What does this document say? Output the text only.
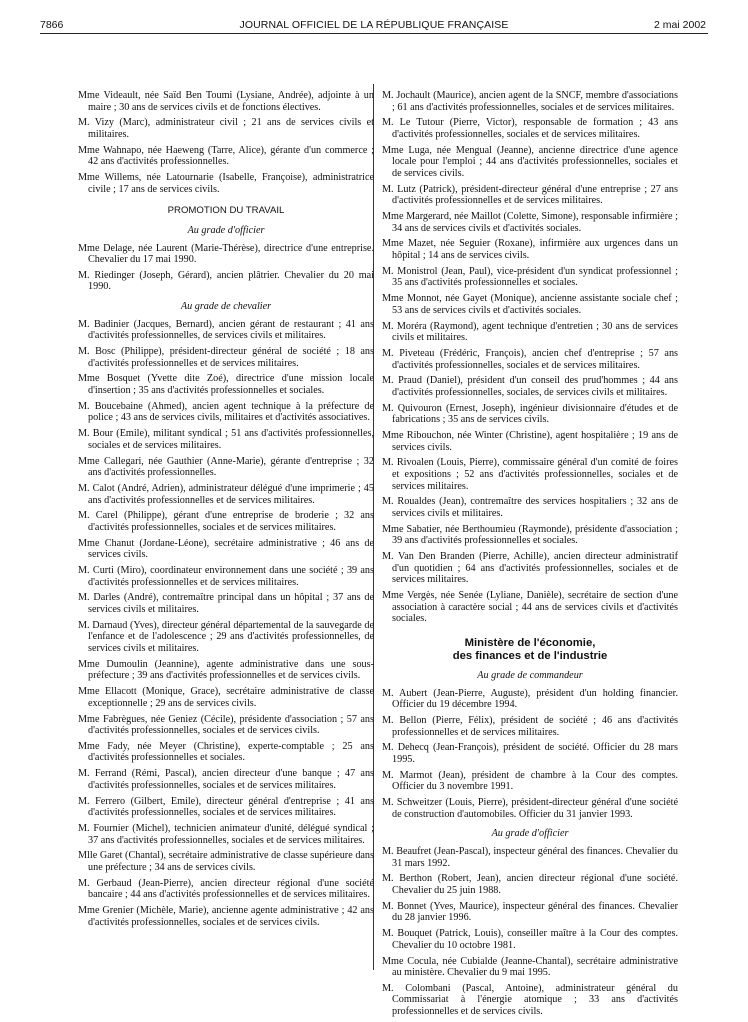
7866	JOURNAL OFFICIEL DE LA RÉPUBLIQUE FRANÇAISE	2 mai 2002

Mme Videault, née Saïd Ben Toumi (Lysiane, Andrée), adjointe à un maire ; 30 ans de services civils et de fonctions électives.

M. Vizy (Marc), administrateur civil ; 21 ans de services civils et militaires.

Mme Wahnapo, née Haeweng (Tarre, Alice), gérante d'un commerce ; 42 ans d'activités professionnelles.

Mme Willems, née Latournarie (Isabelle, Françoise), administratrice civile ; 17 ans de services civils.

PROMOTION DU TRAVAIL
Au grade d'officier

Mme Delage, née Laurent (Marie-Thérèse), directrice d'une entreprise. Chevalier du 17 mai 1990.

M. Riedinger (Joseph, Gérard), ancien plâtrier. Chevalier du 20 mai 1990.

Au grade de chevalier

M. Badinier (Jacques, Bernard), ancien gérant de restaurant ; 41 ans d'activités professionnelles, de services civils et militaires.

M. Bosc (Philippe), président-directeur général de société ; 18 ans d'activités professionnelles et de services militaires.

Mme Bosquet (Yvette dite Zoé), directrice d'une mission locale d'insertion ; 35 ans d'activités professionnelles et sociales.

M. Boucebaine (Ahmed), ancien agent technique à la préfecture de police ; 43 ans de services civils, militaires et d'activités associatives.

M. Bour (Emile), militant syndical ; 51 ans d'activités professionnelles, sociales et de services militaires.

Mme Callegari, née Gauthier (Anne-Marie), gérante d'entreprise ; 32 ans d'activités professionnelles.

M. Calot (André, Adrien), administrateur délégué d'une imprimerie ; 45 ans d'activités professionnelles et de services militaires.

M. Carel (Philippe), gérant d'une entreprise de broderie ; 32 ans d'activités professionnelles, sociales et de services militaires.

Mme Chanut (Jordane-Léone), secrétaire administrative ; 46 ans de services civils.

M. Curti (Miro), coordinateur environnement dans une société ; 39 ans d'activités professionnelles et de services militaires.

M. Darles (André), contremaître principal dans un hôpital ; 37 ans de services civils et militaires.

M. Darnaud (Yves), directeur général départemental de la sauvegarde de l'enfance et de l'adolescence ; 29 ans d'activités professionnelles, de services civils et militaires.

Mme Dumoulin (Jeannine), agente administrative dans une sous-préfecture ; 39 ans d'activités professionnelles et de services civils.

Mme Ellacott (Monique, Grace), secrétaire administrative de classe exceptionnelle ; 29 ans de services civils.

Mme Fabrègues, née Geniez (Cécile), présidente d'association ; 57 ans d'activités professionnelles, sociales et de services civils.

Mme Fady, née Meyer (Christine), experte-comptable ; 25 ans d'activités professionnelles et sociales.

M. Ferrand (Rémi, Pascal), ancien directeur d'une banque ; 47 ans d'activités professionnelles, sociales et de services militaires.

M. Ferrero (Gilbert, Emile), directeur général d'entreprise ; 41 ans d'activités professionnelles, sociales et de services militaires.

M. Fournier (Michel), technicien animateur d'unité, délégué syndical ; 37 ans d'activités professionnelles, sociales et de services militaires.

Mlle Garet (Chantal), secrétaire administrative de classe supérieure dans une préfecture ; 34 ans de services civils.

M. Gerbaud (Jean-Pierre), ancien directeur régional d'une société bancaire ; 44 ans d'activités professionnelles et de services militaires.

Mme Grenier (Michèle, Marie), ancienne agente administrative ; 42 ans d'activités professionnelles, sociales et de services civils.

M. Jochault (Maurice), ancien agent de la SNCF, membre d'associations ; 61 ans d'activités professionnelles, sociales et de services militaires.

M. Le Tutour (Pierre, Victor), responsable de formation ; 43 ans d'activités professionnelles, sociales et de services militaires.

Mme Luga, née Mengual (Jeanne), ancienne directrice d'une agence locale pour l'emploi ; 44 ans d'activités professionnelles, sociales et de services civils.

M. Lutz (Patrick), président-directeur général d'une entreprise ; 27 ans d'activités professionnelles et de services militaires.

Mme Margerard, née Maillot (Colette, Simone), responsable infirmière ; 34 ans de services civils et d'activités sociales.

Mme Mazet, née Seguier (Roxane), infirmière aux urgences dans un hôpital ; 14 ans de services civils.

M. Monistrol (Jean, Paul), vice-président d'un syndicat professionnel ; 35 ans d'activités professionnelles et sociales.

Mme Monnot, née Gayet (Monique), ancienne assistante sociale chef ; 53 ans de services civils et d'activités sociales.

M. Moréra (Raymond), agent technique d'entretien ; 30 ans de services civils et militaires.

M. Piveteau (Frédéric, François), ancien chef d'entreprise ; 57 ans d'activités professionnelles, sociales et de services militaires.

M. Praud (Daniel), président d'un conseil des prud'hommes ; 44 ans d'activités professionnelles, sociales, de services civils et militaires.

M. Quivouron (Ernest, Joseph), ingénieur divisionnaire d'études et de fabrications ; 35 ans de services civils.

Mme Ribouchon, née Winter (Christine), agent hospitalière ; 19 ans de services civils.

M. Rivoalen (Louis, Pierre), commissaire général d'un comité de foires et expositions ; 52 ans d'activités professionnelles, sociales et de services militaires.

M. Roualdes (Jean), contremaître des services hospitaliers ; 32 ans de services civils et militaires.

Mme Sabatier, née Berthoumieu (Raymonde), présidente d'association ; 39 ans d'activités professionnelles et sociales.

M. Van Den Branden (Pierre, Achille), ancien directeur administratif d'un quotidien ; 64 ans d'activités professionnelles, sociales et de services militaires.

Mme Vergès, née Senée (Lyliane, Danièle), secrétaire de section d'une association à caractère social ; 44 ans de services civils et d'activités sociales.

Ministère de l'économie,
des finances et de l'industrie
Au grade de commandeur

M. Aubert (Jean-Pierre, Auguste), président d'un holding financier. Officier du 19 décembre 1994.

M. Bellon (Pierre, Félix), président de société ; 46 ans d'activités professionnelles et de services militaires.

M. Dehecq (Jean-François), président de société. Officier du 28 mars 1995.

M. Marmot (Jean), président de chambre à la Cour des comptes. Officier du 3 novembre 1991.

M. Schweitzer (Louis, Pierre), président-directeur général d'une société de construction d'automobiles. Officier du 31 janvier 1993.

Au grade d'officier

M. Beaufret (Jean-Pascal), inspecteur général des finances. Chevalier du 31 mars 1992.

M. Berthon (Robert, Jean), ancien directeur régional d'une société. Chevalier du 25 juin 1988.

M. Bonnet (Yves, Maurice), inspecteur général des finances. Chevalier du 28 janvier 1996.

M. Bouquet (Patrick, Louis), conseiller maître à la Cour des comptes. Chevalier du 10 octobre 1981.

Mme Cocula, née Cubialde (Jeanne-Chantal), secrétaire administrative au ministère. Chevalier du 9 mai 1995.

M. Colombani (Pascal, Antoine), administrateur général du Commissariat à l'énergie atomique ; 33 ans d'activités professionnelles et de services civils.
